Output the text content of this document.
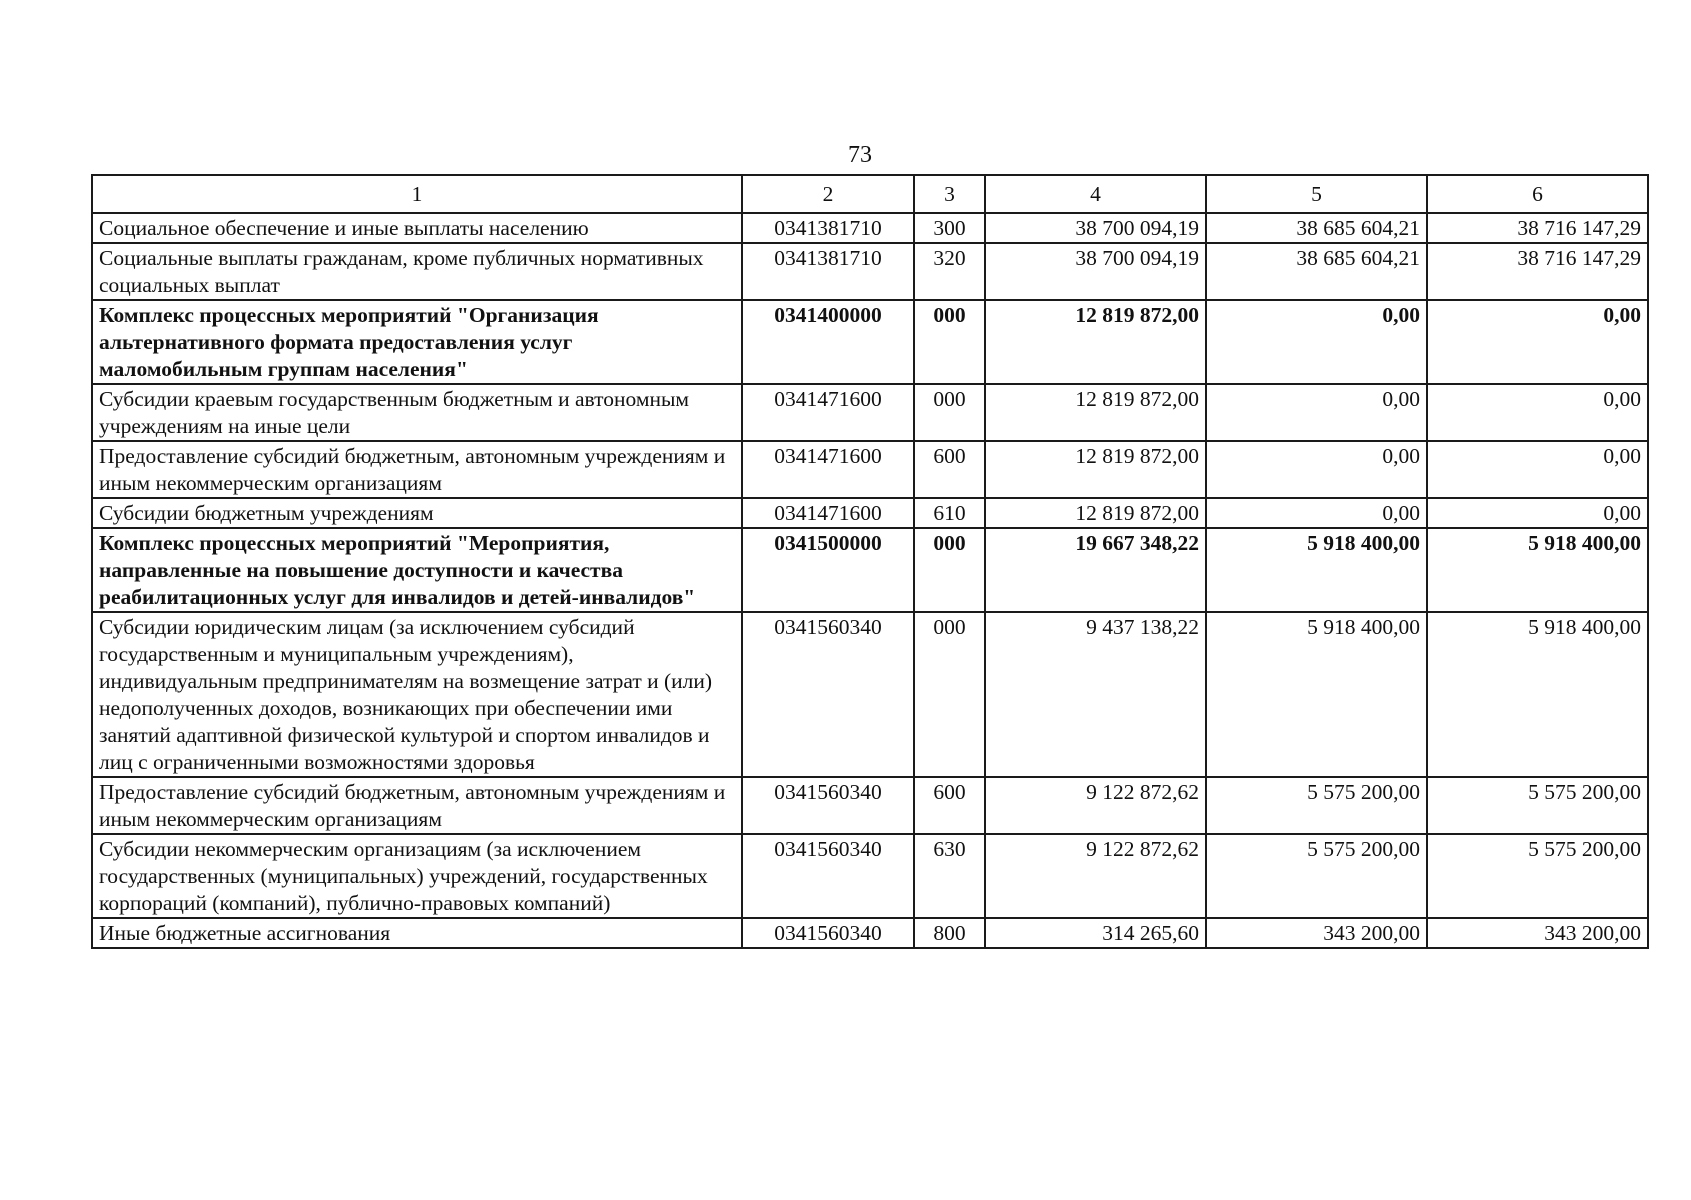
73
1	2	3	4	5	6
Социальное обеспечение и иные выплаты населению	0341381710	300	38 700 094,19	38 685 604,21	38 716 147,29
Социальные выплаты гражданам, кроме публичных нормативных социальных выплат	0341381710	320	38 700 094,19	38 685 604,21	38 716 147,29
Комплекс процессных мероприятий "Организация альтернативного формата предоставления услуг маломобильным группам населения"	0341400000	000	12 819 872,00	0,00	0,00
Субсидии краевым государственным бюджетным и автономным учреждениям на иные цели	0341471600	000	12 819 872,00	0,00	0,00
Предоставление субсидий бюджетным, автономным учреждениям и иным некоммерческим организациям	0341471600	600	12 819 872,00	0,00	0,00
Субсидии бюджетным учреждениям	0341471600	610	12 819 872,00	0,00	0,00
Комплекс процессных мероприятий "Мероприятия, направленные на повышение доступности и качества реабилитационных услуг для инвалидов и детей-инвалидов"	0341500000	000	19 667 348,22	5 918 400,00	5 918 400,00
Субсидии юридическим лицам (за исключением субсидий государственным и муниципальным учреждениям), индивидуальным предпринимателям на возмещение затрат и (или) недополученных доходов, возникающих при обеспечении ими занятий адаптивной физической культурой и спортом инвалидов и лиц с ограниченными возможностями здоровья	0341560340	000	9 437 138,22	5 918 400,00	5 918 400,00
Предоставление субсидий бюджетным, автономным учреждениям и иным некоммерческим организациям	0341560340	600	9 122 872,62	5 575 200,00	5 575 200,00
Субсидии некоммерческим организациям (за исключением государственных (муниципальных) учреждений, государственных корпораций (компаний), публично-правовых компаний)	0341560340	630	9 122 872,62	5 575 200,00	5 575 200,00
Иные бюджетные ассигнования	0341560340	800	314 265,60	343 200,00	343 200,00
